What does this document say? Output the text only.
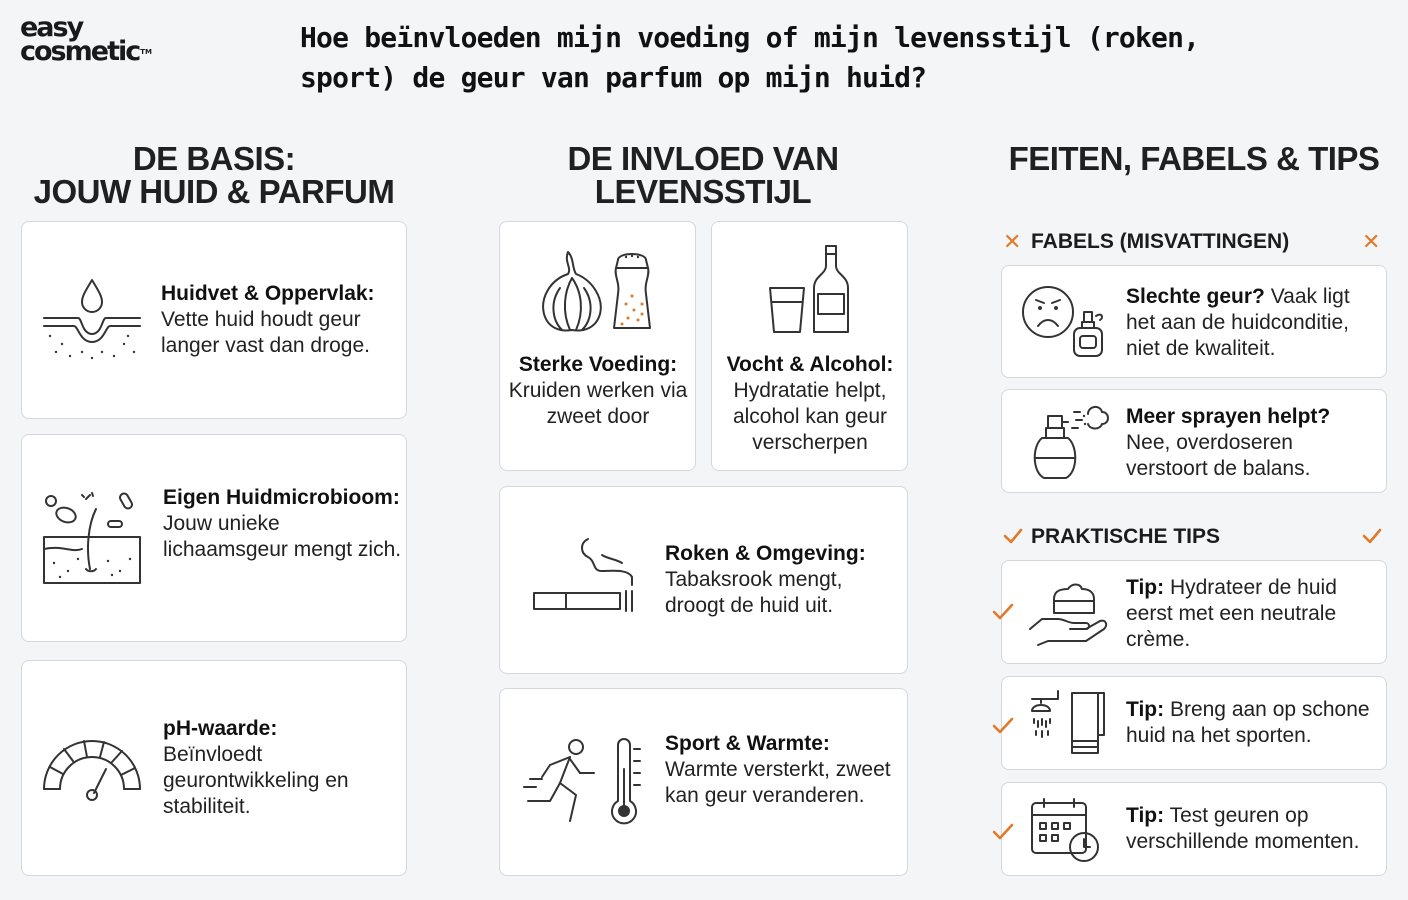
easy
cosmetic™	Hoe beïnvloeden mijn voeding of mijn levensstijl (roken, sport) de geur van parfum op mijn huid?
DE BASIS:
JOUW HUID & PARFUM
DE INVLOED VAN
LEVENSSTIJL
FEITEN, FABELS & TIPS
Huidvet & Oppervlak: Vette huid houdt geur langer vast dan droge.
Eigen Huidmicrobioom: Jouw unieke lichaamsgeur mengt zich.
pH-waarde:
Beïnvloedt geurontwikkeling en stabiliteit.
Sterke Voeding:
Kruiden werken via zweet door
Vocht & Alcohol:
Hydratatie helpt, alcohol kan geur verscherpen
Roken & Omgeving:
Tabaksrook mengt, droogt de huid uit.
Sport & Warmte:
Warmte versterkt, zweet kan geur veranderen.
✕ FABELS (MISVATTINGEN)	✕
Slechte geur? Vaak ligt het aan de huidconditie, niet de kwaliteit.
Meer sprayen helpt?
Nee, overdoseren verstoort de balans.
PRAKTISCHE TIPS
Tip: Hydrateer de huid eerst met een neutrale crème.
Tip: Breng aan op schone huid na het sporten.
Tip: Test geuren op verschillende momenten.
